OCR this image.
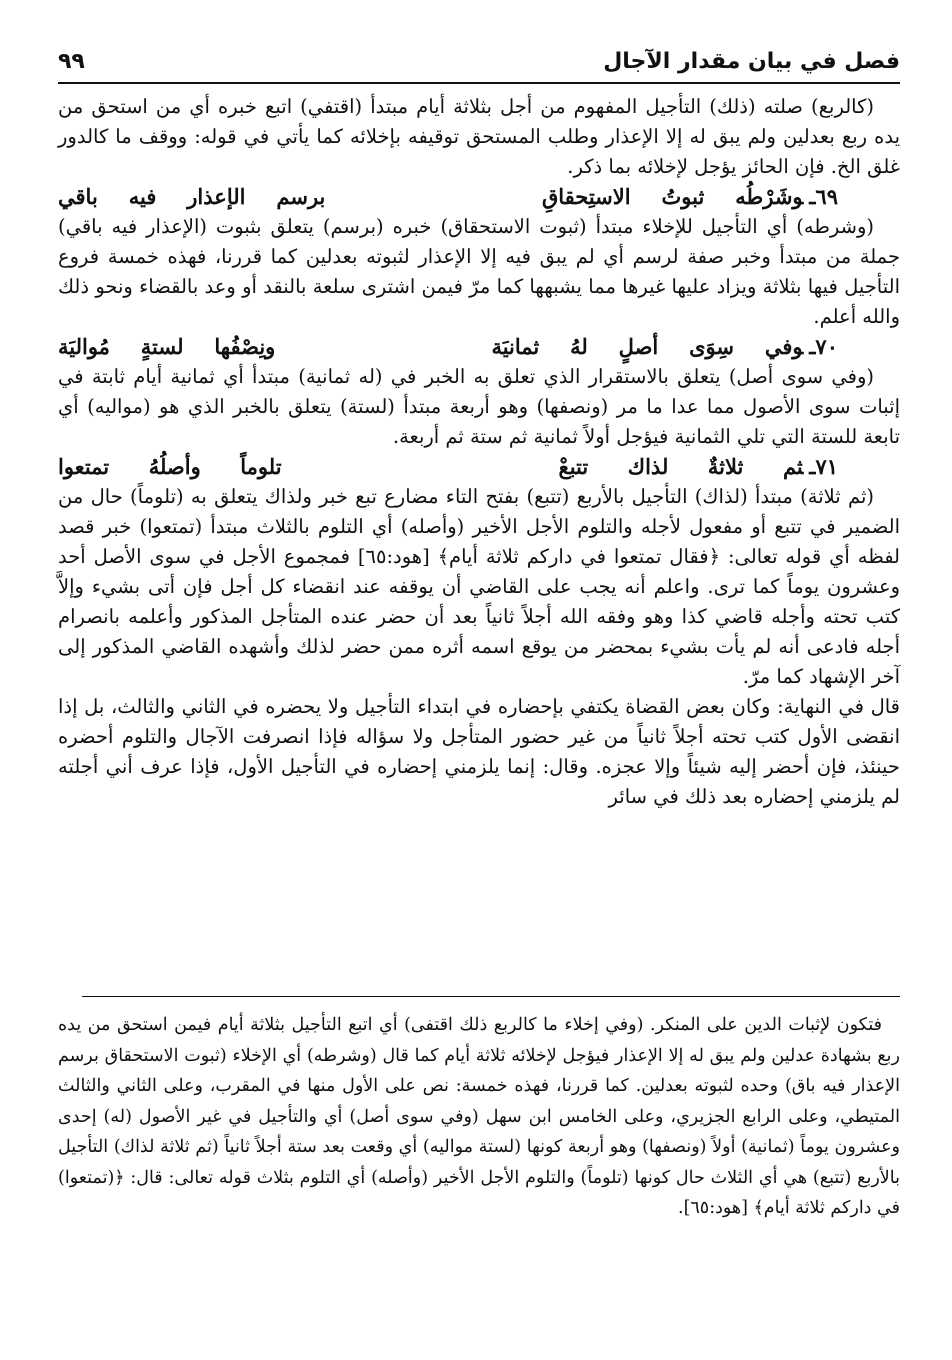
فصل في بيان مقدار الآجال
٩٩
(كالربع) صلته (ذلك) التأجيل المفهوم من أجل بثلاثة أيام مبتدأ (اقتفي) اتبع خبره أي من استحق من يده ربع بعدلين ولم يبق له إلا الإعذار وطلب المستحق توقيفه بإخلائه كما يأتي في قوله: ووقف ما كالدور غلق الخ. فإن الحائز يؤجل لإخلائه بما ذكر.
٦٩ـوشَرْطُه ثبوتُ الاستِحقاقِ       برسم الإعذار فيه باقي
(وشرطه) أي التأجيل للإخلاء مبتدأ (ثبوت الاستحقاق) خبره (برسم) يتعلق بثبوت (الإعذار فيه باقي) جملة من مبتدأ وخبر صفة لرسم أي لم يبق فيه إلا الإعذار لثبوته بعدلين كما قررنا، فهذه خمسة فروع التأجيل فيها بثلاثة ويزاد عليها غيرها مما يشبهها كما مرّ فيمن اشترى سلعة بالنقد أو وعد بالقضاء ونحو ذلك والله أعلم.
٧٠ـوفي سِوَى أصلٍ لهُ ثمانيَة       ونِصْفُها لستةٍ مُواليَة
(وفي سوى أصل) يتعلق بالاستقرار الذي تعلق به الخبر في (له ثمانية) مبتدأ أي ثمانية أيام ثابتة في إثبات سوى الأصول مما عدا ما مر (ونصفها) وهو أربعة مبتدأ (لستة) يتعلق بالخبر الذي هو (مواليه) أي تابعة للستة التي تلي الثمانية فيؤجل أولاً ثمانية ثم ستة ثم أربعة.
٧١ـثم ثلاثةٌ لذاك تتبعْ       تلوماً وأصلُهُ تمتعوا
(ثم ثلاثة) مبتدأ (لذاك) التأجيل بالأربع (تتبع) بفتح التاء مضارع تبع خبر ولذاك يتعلق به (تلوماً) حال من الضمير في تتبع أو مفعول لأجله والتلوم الأجل الأخير (وأصله) أي التلوم بالثلاث مبتدأ (تمتعوا) خبر قصد لفظه أي قوله تعالى: ﴿فقال تمتعوا في داركم ثلاثة أيام﴾ [هود:٦٥] فمجموع الأجل في سوى الأصل أحد وعشرون يوماً كما ترى. واعلم أنه يجب على القاضي أن يوقفه عند انقضاء كل أجل فإن أتى بشيء وإلاَّ كتب تحته وأجله قاضي كذا وهو وفقه الله أجلاً ثانياً بعد أن حضر عنده المتأجل المذكور وأعلمه بانصرام أجله فادعى أنه لم يأت بشيء بمحضر من يوقع اسمه أثره ممن حضر لذلك وأشهده القاضي المذكور إلى آخر الإشهاد كما مرّ.
قال في النهاية: وكان بعض القضاة يكتفي بإحضاره في ابتداء التأجيل ولا يحضره في الثاني والثالث، بل إذا انقضى الأول كتب تحته أجلاً ثانياً من غير حضور المتأجل ولا سؤاله فإذا انصرفت الآجال والتلوم أحضره حينئذ، فإن أحضر إليه شيئاً وإلا عجزه. وقال: إنما يلزمني إحضاره في التأجيل الأول، فإذا عرف أني أجلته لم يلزمني إحضاره بعد ذلك في سائر
فتكون لإثبات الدين على المنكر. (وفي إخلاء ما كالربع ذلك اقتفى) أي اتبع التأجيل بثلاثة أيام فيمن استحق من يده ربع بشهادة عدلين ولم يبق له إلا الإعذار فيؤجل لإخلائه ثلاثة أيام كما قال (وشرطه) أي الإخلاء (ثبوت الاستحقاق برسم الإعذار فيه باق) وحده لثبوته بعدلين. كما قررنا، فهذه خمسة: نص على الأول منها في المقرب، وعلى الثاني والثالث المتيطي، وعلى الرابع الجزيري، وعلى الخامس ابن سهل (وفي سوى أصل) أي والتأجيل في غير الأصول (له) إحدى وعشرون يوماً (ثمانية) أولاً (ونصفها) وهو أربعة كونها (لستة مواليه) أي وقعت بعد ستة أجلاً ثانياً (ثم ثلاثة لذاك) التأجيل بالأربع (تتبع) هي أي الثلاث حال كونها (تلوماً) والتلوم الأجل الأخير (وأصله) أي التلوم بثلاث قوله تعالى: قال: ﴿(تمتعوا) في داركم ثلاثة أيام﴾ [هود:٦٥].
